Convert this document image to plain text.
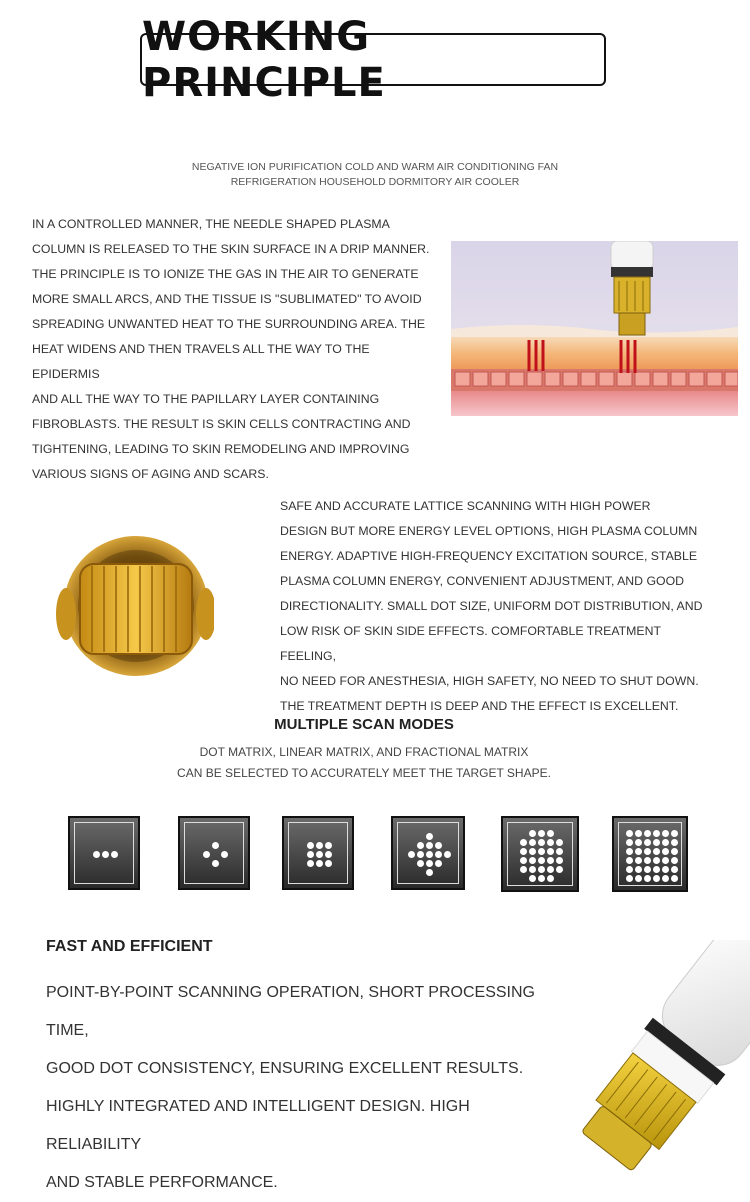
WORKING PRINCIPLE
NEGATIVE ION PURIFICATION COLD AND WARM AIR CONDITIONING FAN
REFRIGERATION HOUSEHOLD DORMITORY AIR COOLER
IN A CONTROLLED MANNER, THE NEEDLE SHAPED PLASMA
COLUMN IS RELEASED TO THE SKIN SURFACE IN A DRIP MANNER.
THE PRINCIPLE IS TO IONIZE THE GAS IN THE AIR TO GENERATE
MORE SMALL ARCS, AND THE TISSUE IS "SUBLIMATED" TO AVOID
SPREADING UNWANTED HEAT TO THE SURROUNDING AREA. THE
HEAT WIDENS AND THEN TRAVELS ALL THE WAY TO THE EPIDERMIS
AND ALL THE WAY TO THE PAPILLARY LAYER CONTAINING
FIBROBLASTS. THE RESULT IS SKIN CELLS CONTRACTING AND
TIGHTENING, LEADING TO SKIN REMODELING AND IMPROVING
VARIOUS SIGNS OF AGING AND SCARS.
SAFE AND ACCURATE LATTICE SCANNING WITH HIGH POWER
DESIGN BUT MORE ENERGY LEVEL OPTIONS, HIGH PLASMA COLUMN
ENERGY. ADAPTIVE HIGH-FREQUENCY EXCITATION SOURCE, STABLE
PLASMA COLUMN ENERGY, CONVENIENT ADJUSTMENT, AND GOOD
DIRECTIONALITY. SMALL DOT SIZE, UNIFORM DOT DISTRIBUTION, AND
LOW RISK OF SKIN SIDE EFFECTS. COMFORTABLE TREATMENT FEELING,
NO NEED FOR ANESTHESIA, HIGH SAFETY, NO NEED TO SHUT DOWN.
THE TREATMENT DEPTH IS DEEP AND THE EFFECT IS EXCELLENT.
MULTIPLE SCAN MODES
DOT MATRIX, LINEAR MATRIX, AND FRACTIONAL MATRIX
CAN BE SELECTED TO ACCURATELY MEET THE TARGET SHAPE.
FAST AND EFFICIENT
POINT-BY-POINT SCANNING OPERATION, SHORT PROCESSING TIME,
GOOD DOT CONSISTENCY, ENSURING EXCELLENT RESULTS.
HIGHLY INTEGRATED AND INTELLIGENT DESIGN. HIGH RELIABILITY
AND STABLE PERFORMANCE.
